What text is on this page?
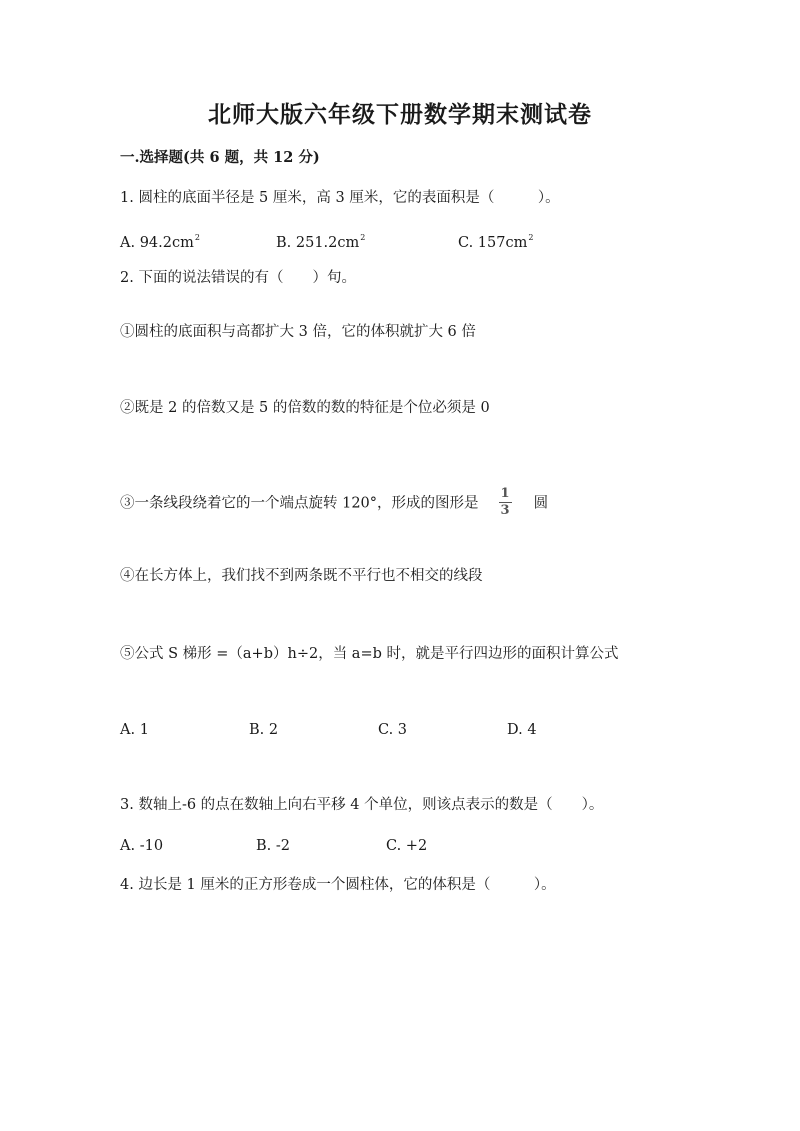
北师大版六年级下册数学期末测试卷
一.选择题(共 6 题，共 12 分)
1. 圆柱的底面半径是 5 厘米，高 3 厘米，它的表面积是（　　　）。
A. $94.2cm^2$	B. $251.2cm^2$	C. $157cm^2$
2. 下面的说法错误的有（　　）句。
①圆柱的底面积与高都扩大 3 倍，它的体积就扩大 6 倍
②既是 2 的倍数又是 5 的倍数的数的特征是个位必须是 0
③一条线段绕着它的一个端点旋转 120°，形成的图形是 $\frac{1}{3}$ 圆
④在长方体上，我们找不到两条既不平行也不相交的线段
⑤公式 S 梯形 =（a+b）h÷2，当 a=b 时，就是平行四边形的面积计算公式
A. 1	B. 2	C. 3	D. 4
3. 数轴上-6 的点在数轴上向右平移 4 个单位，则该点表示的数是（　　）。
A. -10	B. -2	C. +2
4. 边长是 1 厘米的正方形卷成一个圆柱体，它的体积是（　　　）。
